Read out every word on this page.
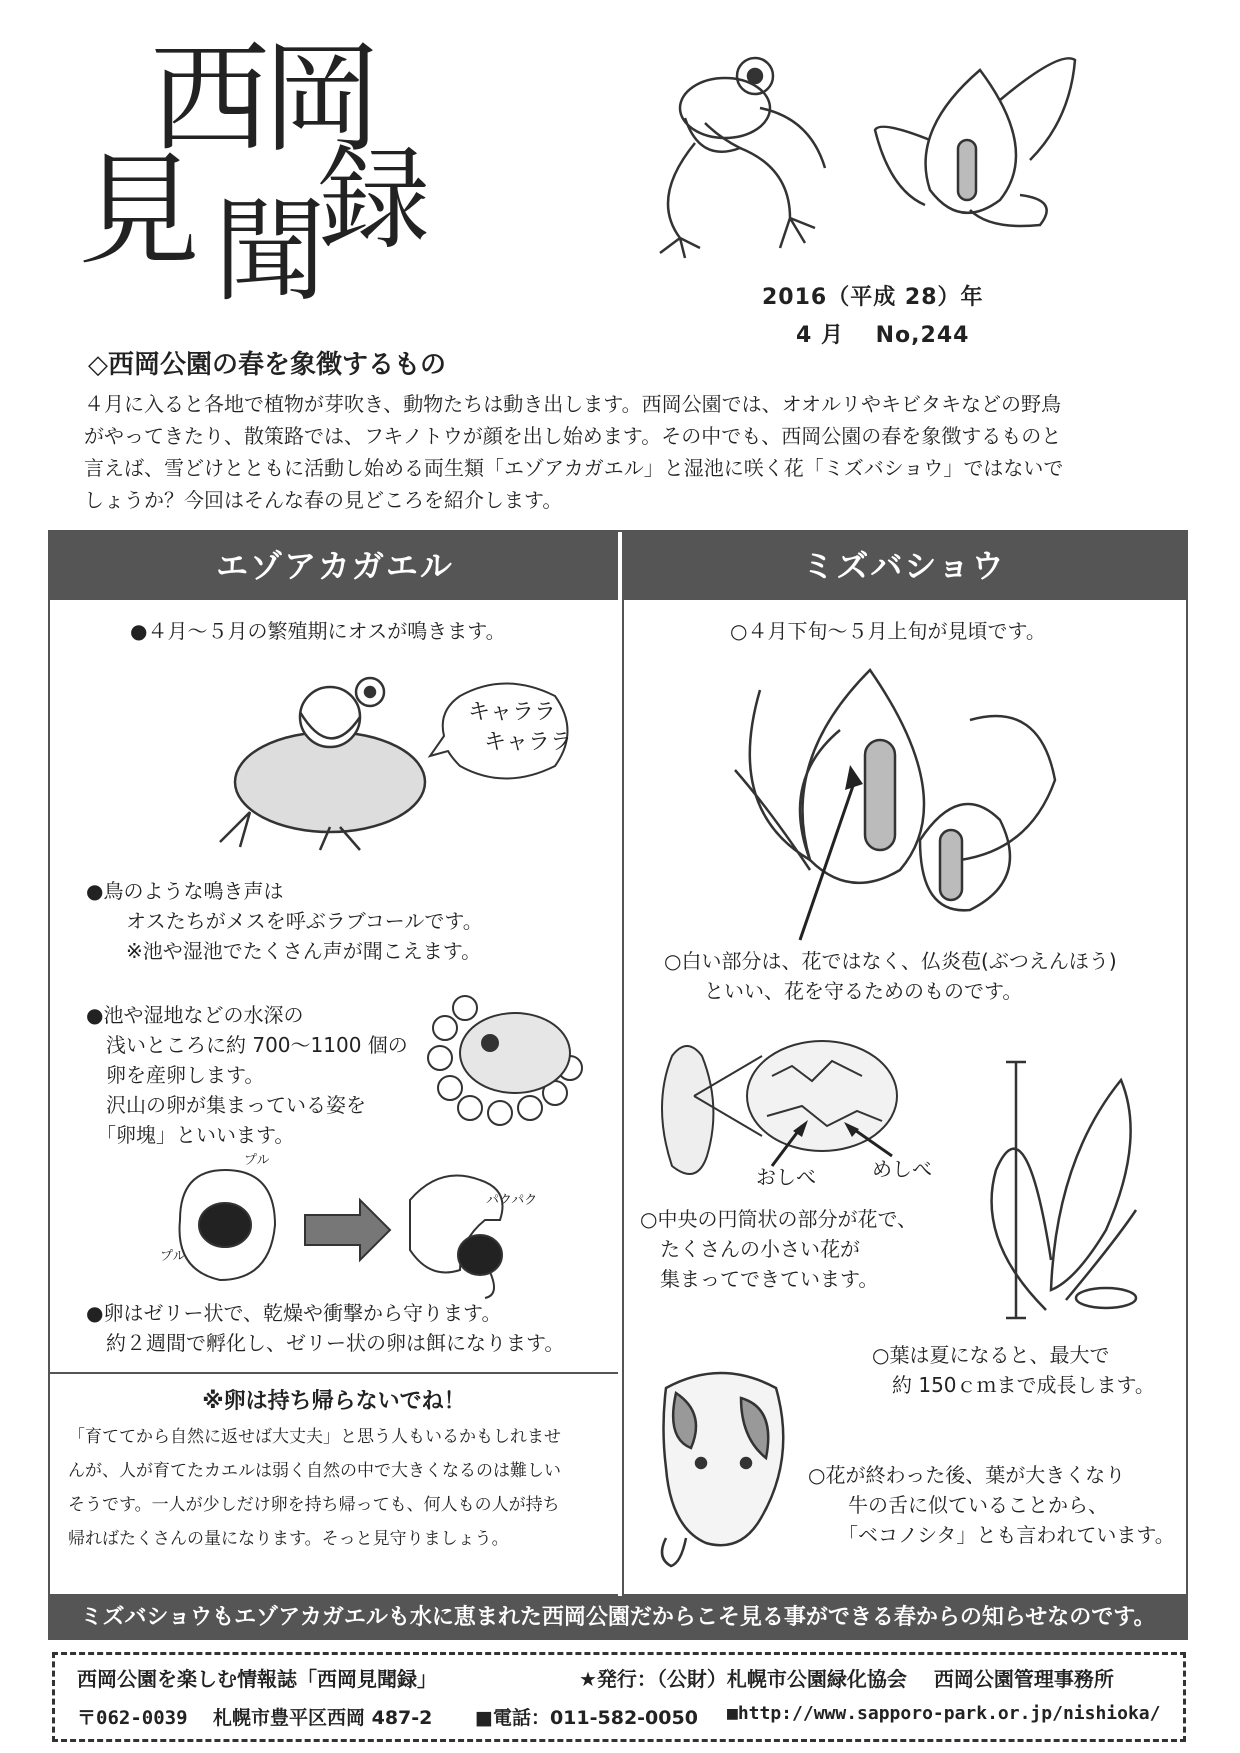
西
岡
見 聞
録
2016（平成 28）年
4 月　 No,244
◇西岡公園の春を象徴するもの

４月に入ると各地で植物が芽吹き、動物たちは動き出します。西岡公園では、オオルリやキビタキなどの野鳥

がやってきたり、散策路では、フキノトウが顔を出し始めます。その中でも、西岡公園の春を象徴するものと

言えば、雪どけとともに活動し始める両生類「エゾアカガエル」と湿池に咲く花「ミズバショウ」ではないで

しょうか？今回はそんな春の見どころを紹介します。

エゾアカガエル	ミズバショウ
●４月～５月の繁殖期にオスが鳴きます。
キャララ
キャララ
●鳥のような鳴き声は
　　オスたちがメスを呼ぶラブコールです。
　　※池や湿池でたくさん声が聞こえます。
●池や湿地などの水深の
　浅いところに約 700～1100 個の
　卵を産卵します。
　沢山の卵が集まっている姿を
　「卵塊」といいます。
プル
プル
パクパク
●卵はゼリー状で、乾燥や衝撃から守ります。
　約２週間で孵化し、ゼリー状の卵は餌になります。
※卵は持ち帰らないでね！
「育ててから自然に返せば大丈夫」と思う人もいるかもしれませ
んが、人が育てたカエルは弱く自然の中で大きくなるのは難しい
そうです。一人が少しだけ卵を持ち帰っても、何人もの人が持ち
帰ればたくさんの量になります。そっと見守りましょう。
○４月下旬～５月上旬が見頃です。
○白い部分は、花ではなく、仏炎苞(ぶつえんほう)
　　といい、花を守るためのものです。
おしべ	めしべ
○中央の円筒状の部分が花で、
　たくさんの小さい花が
　集まってできています。
○葉は夏になると、最大で
　約 150ｃｍまで成長します。
○花が終わった後、葉が大きくなり
　　牛の舌に似ていることから、
　　「ベコノシタ」とも言われています。
ミズバショウもエゾアカガエルも水に恵まれた西岡公園だからこそ見る事ができる春からの知らせなのです。
西岡公園を楽しむ情報誌「西岡見聞録」	★発行：（公財）札幌市公園緑化協会　 西岡公園管理事務所
〒062-0039 札幌市豊平区西岡 487-2 ■電話：011-582-0050 ■http://www.sapporo-park.or.jp/nishioka/
